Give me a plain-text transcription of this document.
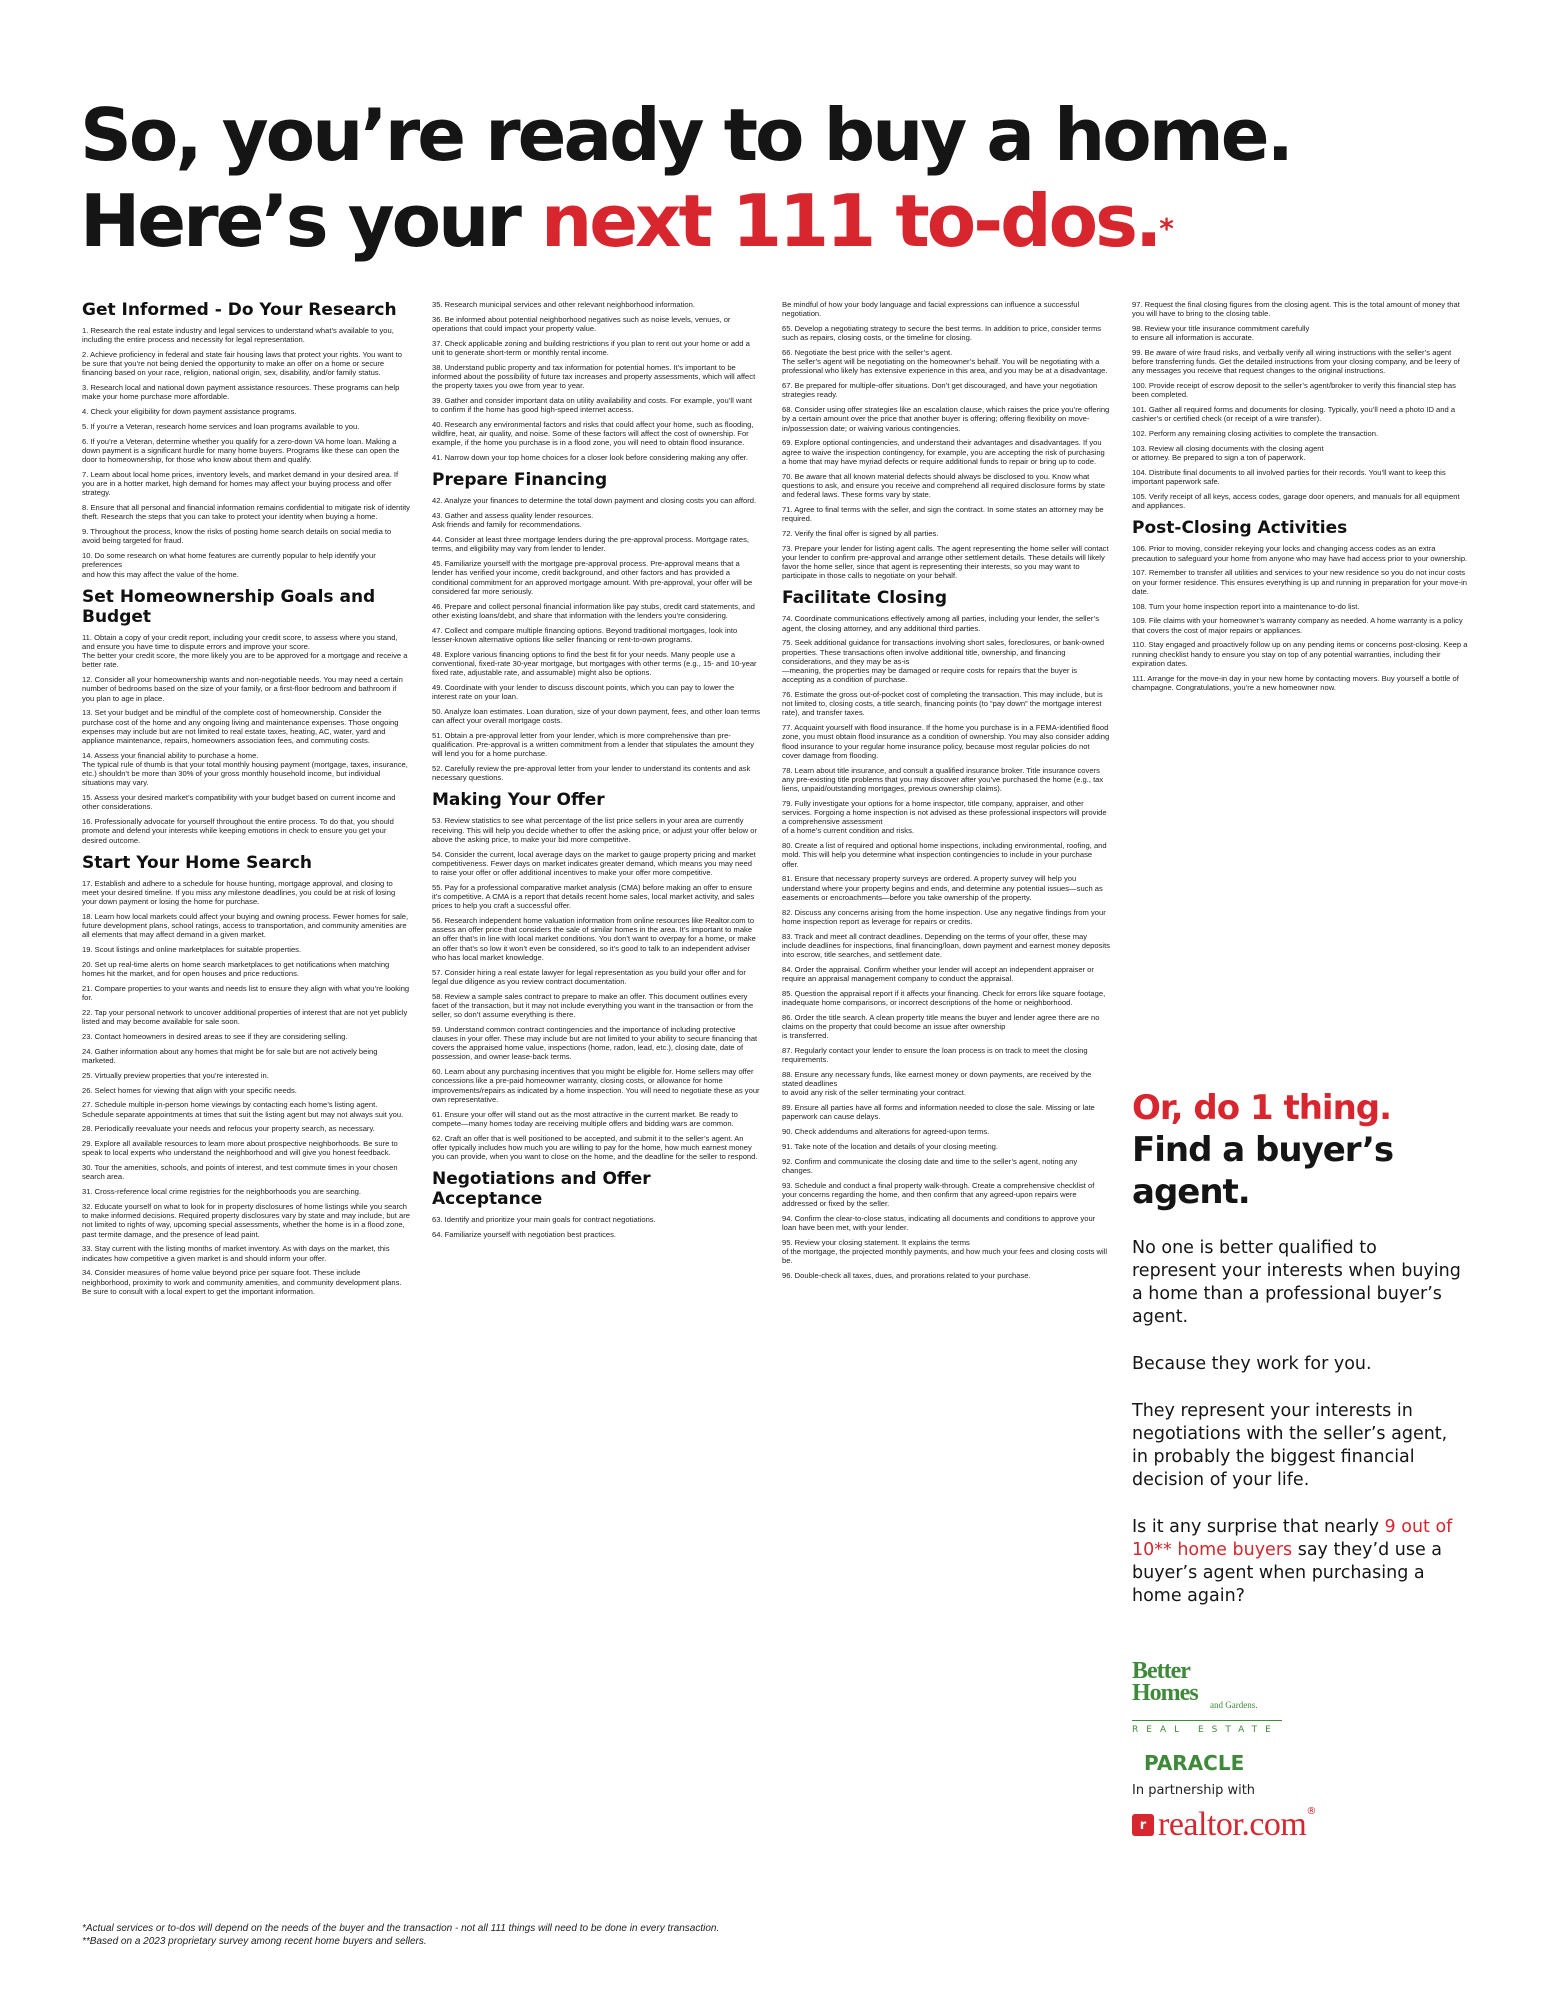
So, you’re ready to buy a home.
Here’s your next 111 to-dos.*
Get Informed - Do Your Research
1. Research the real estate industry and legal services to understand what’s available to you, including the entire process and necessity for legal representation.
2. Achieve proficiency in federal and state fair housing laws that protect your rights. You want to be sure that you’re not being denied the opportunity to make an offer on a home or secure financing based on your race, religion, national origin, sex, disability, and/or family status.
3. Research local and national down payment assistance resources. These programs can help make your home purchase more affordable.
4. Check your eligibility for down payment assistance programs.
5. If you’re a Veteran, research home services and loan programs available to you.
6. If you’re a Veteran, determine whether you qualify for a zero-down VA home loan. Making a down payment is a significant hurdle for many home buyers. Programs like these can open the door to homeownership, for those who know about them and qualify.
7. Learn about local home prices, inventory levels, and market demand in your desired area. If you are in a hotter market, high demand for homes may affect your buying process and offer strategy.
8. Ensure that all personal and financial information remains confidential to mitigate risk of identity theft. Research the steps that you can take to protect your identity when buying a home.
9. Throughout the process, know the risks of posting home search details on social media to avoid being targeted for fraud.
10. Do some research on what home features are currently popular to help identify your preferences
and how this may affect the value of the home.
Set Homeownership Goals and Budget
11. Obtain a copy of your credit report, including your credit score, to assess where you stand, and ensure you have time to dispute errors and improve your score.
The better your credit score, the more likely you are to be approved for a mortgage and receive a better rate.
12. Consider all your homeownership wants and non-negotiable needs. You may need a certain number of bedrooms based on the size of your family, or a first-floor bedroom and bathroom if you plan to age in place.
13. Set your budget and be mindful of the complete cost of homeownership. Consider the purchase cost of the home and any ongoing living and maintenance expenses. Those ongoing expenses may include but are not limited to real estate taxes, heating, AC, water, yard and appliance maintenance, repairs, homeowners association fees, and commuting costs.
14. Assess your financial ability to purchase a home.
The typical rule of thumb is that your total monthly housing payment (mortgage, taxes, insurance, etc.) shouldn’t be more than 30% of your gross monthly household income, but individual situations may vary.
15. Assess your desired market’s compatibility with your budget based on current income and other considerations.
16. Professionally advocate for yourself throughout the entire process. To do that, you should promote and defend your interests while keeping emotions in check to ensure you get your desired outcome.
Start Your Home Search
17. Establish and adhere to a schedule for house hunting, mortgage approval, and closing to meet your desired timeline. If you miss any milestone deadlines, you could be at risk of losing your down payment or losing the home for purchase.
18. Learn how local markets could affect your buying and owning process. Fewer homes for sale, future development plans, school ratings, access to transportation, and community amenities are all elements that may affect demand in a given market.
19. Scout listings and online marketplaces for suitable properties.
20. Set up real-time alerts on home search marketplaces to get notifications when matching homes hit the market, and for open houses and price reductions.
21. Compare properties to your wants and needs list to ensure they align with what you’re looking for.
22. Tap your personal network to uncover additional properties of interest that are not yet publicly listed and may become available for sale soon.
23. Contact homeowners in desired areas to see if they are considering selling.
24. Gather information about any homes that might be for sale but are not actively being marketed.
25. Virtually preview properties that you’re interested in.
26. Select homes for viewing that align with your specific needs.
27. Schedule multiple in-person home viewings by contacting each home’s listing agent. Schedule separate appointments at times that suit the listing agent but may not always suit you.
28. Periodically reevaluate your needs and refocus your property search, as necessary.
29. Explore all available resources to learn more about prospective neighborhoods. Be sure to speak to local experts who understand the neighborhood and will give you honest feedback.
30. Tour the amenities, schools, and points of interest, and test commute times in your chosen search area.
31. Cross-reference local crime registries for the neighborhoods you are searching.
32. Educate yourself on what to look for in property disclosures of home listings while you search to make informed decisions. Required property disclosures vary by state and may include, but are not limited to rights of way, upcoming special assessments, whether the home is in a flood zone, past termite damage, and the presence of lead paint.
33. Stay current with the listing months of market inventory. As with days on the market, this indicates how competitive a given market is and should inform your offer.
34. Consider measures of home value beyond price per square foot. These include neighborhood, proximity to work and community amenities, and community development plans. Be sure to consult with a local expert to get the important information.
35. Research municipal services and other relevant neighborhood information.
36. Be informed about potential neighborhood negatives such as noise levels, venues, or operations that could impact your property value.
37. Check applicable zoning and building restrictions if you plan to rent out your home or add a unit to generate short-term or monthly rental income.
38. Understand public property and tax information for potential homes. It’s important to be informed about the possibility of future tax increases and property assessments, which will affect the property taxes you owe from year to year.
39. Gather and consider important data on utility availability and costs. For example, you’ll want to confirm if the home has good high-speed internet access.
40. Research any environmental factors and risks that could affect your home, such as flooding, wildfire, heat, air quality, and noise. Some of these factors will affect the cost of ownership. For example, if the home you purchase is in a flood zone, you will need to obtain flood insurance.
41. Narrow down your top home choices for a closer look before considering making any offer.
Prepare Financing
42. Analyze your finances to determine the total down payment and closing costs you can afford.
43. Gather and assess quality lender resources.
Ask friends and family for recommendations.
44. Consider at least three mortgage lenders during the pre-approval process. Mortgage rates, terms, and eligibility may vary from lender to lender.
45. Familiarize yourself with the mortgage pre-approval process. Pre-approval means that a lender has verified your income, credit background, and other factors and has provided a conditional commitment for an approved mortgage amount. With pre-approval, your offer will be considered far more seriously.
46. Prepare and collect personal financial information like pay stubs, credit card statements, and other existing loans/debt, and share that information with the lenders you’re considering.
47. Collect and compare multiple financing options. Beyond traditional mortgages, look into lesser-known alternative options like seller financing or rent-to-own programs.
48. Explore various financing options to find the best fit for your needs. Many people use a conventional, fixed-rate 30-year mortgage, but mortgages with other terms (e.g., 15- and 10-year fixed rate, adjustable rate, and assumable) might also be options.
49. Coordinate with your lender to discuss discount points, which you can pay to lower the interest rate on your loan.
50. Analyze loan estimates. Loan duration, size of your down payment, fees, and other loan terms can affect your overall mortgage costs.
51. Obtain a pre-approval letter from your lender, which is more comprehensive than pre-qualification. Pre-approval is a written commitment from a lender that stipulates the amount they will lend you for a home purchase.
52. Carefully review the pre-approval letter from your lender to understand its contents and ask necessary questions.
Making Your Offer
53. Review statistics to see what percentage of the list price sellers in your area are currently receiving. This will help you decide whether to offer the asking price, or adjust your offer below or above the asking price, to make your bid more competitive.
54. Consider the current, local average days on the market to gauge property pricing and market competitiveness. Fewer days on market indicates greater demand, which means you may need to raise your offer or offer additional incentives to make your offer more competitive.
55. Pay for a professional comparative market analysis (CMA) before making an offer to ensure it’s competitive. A CMA is a report that details recent home sales, local market activity, and sales prices to help you craft a successful offer.
56. Research independent home valuation information from online resources like Realtor.com to assess an offer price that considers the sale of similar homes in the area. It’s important to make an offer that’s in line with local market conditions. You don’t want to overpay for a home, or make an offer that’s so low it won’t even be considered, so it’s good to talk to an independent adviser who has local market knowledge.
57. Consider hiring a real estate lawyer for legal representation as you build your offer and for legal due diligence as you review contract documentation.
58. Review a sample sales contract to prepare to make an offer. This document outlines every facet of the transaction, but it may not include everything you want in the transaction or from the seller, so don’t assume everything is there.
59. Understand common contract contingencies and the importance of including protective clauses in your offer. These may include but are not limited to your ability to secure financing that covers the appraised home value, inspections (home, radon, lead, etc.), closing date, date of possession, and owner lease-back terms.
60. Learn about any purchasing incentives that you might be eligible for. Home sellers may offer concessions like a pre-paid homeowner warranty, closing costs, or allowance for home improvements/repairs as indicated by a home inspection. You will need to negotiate these as your own representative.
61. Ensure your offer will stand out as the most attractive in the current market. Be ready to compete—many homes today are receiving multiple offers and bidding wars are common.
62. Craft an offer that is well positioned to be accepted, and submit it to the seller’s agent. An offer typically includes how much you are willing to pay for the home, how much earnest money you can provide, when you want to close on the home, and the deadline for the seller to respond.
Negotiations and Offer Acceptance
63. Identify and prioritize your main goals for contract negotiations.
64. Familiarize yourself with negotiation best practices.
Be mindful of how your body language and facial expressions can influence a successful negotiation.
65. Develop a negotiating strategy to secure the best terms. In addition to price, consider terms such as repairs, closing costs, or the timeline for closing.
66. Negotiate the best price with the seller’s agent.
The seller’s agent will be negotiating on the homeowner’s behalf. You will be negotiating with a professional who likely has extensive experience in this area, and you may be at a disadvantage.
67. Be prepared for multiple-offer situations. Don’t get discouraged, and have your negotiation strategies ready.
68. Consider using offer strategies like an escalation clause, which raises the price you’re offering by a certain amount over the price that another buyer is offering; offering flexibility on move-in/possession date; or waiving various contingencies.
69. Explore optional contingencies, and understand their advantages and disadvantages. If you agree to waive the inspection contingency, for example, you are accepting the risk of purchasing a home that may have myriad defects or require additional funds to repair or bring up to code.
70. Be aware that all known material defects should always be disclosed to you. Know what questions to ask, and ensure you receive and comprehend all required disclosure forms by state and federal laws. These forms vary by state.
71. Agree to final terms with the seller, and sign the contract. In some states an attorney may be required.
72. Verify the final offer is signed by all parties.
73. Prepare your lender for listing agent calls. The agent representing the home seller will contact your lender to confirm pre-approval and arrange other settlement details. These details will likely favor the home seller, since that agent is representing their interests, so you may want to participate in those calls to negotiate on your behalf.
Facilitate Closing
74. Coordinate communications effectively among all parties, including your lender, the seller’s agent, the closing attorney, and any additional third parties.
75. Seek additional guidance for transactions involving short sales, foreclosures, or bank-owned properties. These transactions often involve additional title, ownership, and financing considerations, and they may be as-is
—meaning, the properties may be damaged or require costs for repairs that the buyer is accepting as a condition of purchase.
76. Estimate the gross out-of-pocket cost of completing the transaction. This may include, but is not limited to, closing costs, a title search, financing points (to “pay down” the mortgage interest rate), and transfer taxes.
77. Acquaint yourself with flood insurance. If the home you purchase is in a FEMA-identified flood zone, you must obtain flood insurance as a condition of ownership. You may also consider adding flood insurance to your regular home insurance policy, because most regular policies do not cover damage from flooding.
78. Learn about title insurance, and consult a qualified insurance broker. Title insurance covers any pre-existing title problems that you may discover after you’ve purchased the home (e.g., tax liens, unpaid/outstanding mortgages, previous ownership claims).
79. Fully investigate your options for a home inspector, title company, appraiser, and other services. Forgoing a home inspection is not advised as these professional inspectors will provide a comprehensive assessment
of a home’s current condition and risks.
80. Create a list of required and optional home inspections, including environmental, roofing, and mold. This will help you determine what inspection contingencies to include in your purchase offer.
81. Ensure that necessary property surveys are ordered. A property survey will help you understand where your property begins and ends, and determine any potential issues—such as easements or encroachments—before you take ownership of the property.
82. Discuss any concerns arising from the home inspection. Use any negative findings from your home inspection report as leverage for repairs or credits.
83. Track and meet all contract deadlines. Depending on the terms of your offer, these may include deadlines for inspections, final financing/loan, down payment and earnest money deposits into escrow, title searches, and settlement date.
84. Order the appraisal. Confirm whether your lender will accept an independent appraiser or require an appraisal management company to conduct the appraisal.
85. Question the appraisal report if it affects your financing. Check for errors like square footage, inadequate home comparisons, or incorrect descriptions of the home or neighborhood.
86. Order the title search. A clean property title means the buyer and lender agree there are no claims on the property that could become an issue after ownership
is transferred.
87. Regularly contact your lender to ensure the loan process is on track to meet the closing requirements.
88. Ensure any necessary funds, like earnest money or down payments, are received by the stated deadlines
to avoid any risk of the seller terminating your contract.
89. Ensure all parties have all forms and information needed to close the sale. Missing or late paperwork can cause delays.
90. Check addendums and alterations for agreed-upon terms.
91. Take note of the location and details of your closing meeting.
92. Confirm and communicate the closing date and time to the seller’s agent, noting any changes.
93. Schedule and conduct a final property walk-through. Create a comprehensive checklist of your concerns regarding the home, and then confirm that any agreed-upon repairs were addressed or fixed by the seller.
94. Confirm the clear-to-close status, indicating all documents and conditions to approve your loan have been met, with your lender.
95. Review your closing statement. It explains the terms
of the mortgage, the projected monthly payments, and how much your fees and closing costs will be.
96. Double-check all taxes, dues, and prorations related to your purchase.
97. Request the final closing figures from the closing agent. This is the total amount of money that you will have to bring to the closing table.
98. Review your title insurance commitment carefully
to ensure all information is accurate.
99. Be aware of wire fraud risks, and verbally verify all wiring instructions with the seller’s agent before transferring funds. Get the detailed instructions from your closing company, and be leery of any messages you receive that request changes to the original instructions.
100. Provide receipt of escrow deposit to the seller’s agent/broker to verify this financial step has been completed.
101. Gather all required forms and documents for closing. Typically, you’ll need a photo ID and a cashier’s or certified check (or receipt of a wire transfer).
102. Perform any remaining closing activities to complete the transaction.
103. Review all closing documents with the closing agent
or attorney. Be prepared to sign a ton of paperwork.
104. Distribute final documents to all involved parties for their records. You’ll want to keep this important paperwork safe.
105. Verify receipt of all keys, access codes, garage door openers, and manuals for all equipment and appliances.
Post-Closing Activities
106. Prior to moving, consider rekeying your locks and changing access codes as an extra precaution to safeguard your home from anyone who may have had access prior to your ownership.
107. Remember to transfer all utilities and services to your new residence so you do not incur costs on your former residence. This ensures everything is up and running in preparation for your move-in date.
108. Turn your home inspection report into a maintenance to-do list.
109. File claims with your homeowner’s warranty company as needed. A home warranty is a policy that covers the cost of major repairs or appliances.
110. Stay engaged and proactively follow up on any pending items or concerns post-closing. Keep a running checklist handy to ensure you stay on top of any potential warranties, including their expiration dates.
111. Arrange for the move-in day in your new home by contacting movers. Buy yourself a bottle of champagne. Congratulations, you’re a new homeowner now.
Or, do 1 thing.
Find a buyer’s
agent.

No one is better qualified to represent your interests when buying a home than a professional buyer’s agent.

Because they work for you.

They represent your interests in negotiations with the seller’s agent, in probably the biggest financial decision of your life.

Is it any surprise that nearly 9 out of 10** home buyers say they’d use a buyer’s agent when purchasing a home again?

Better
Homes	and Gardens.
REAL ESTATE
PARACLE
In partnership with
r realtor.com ®
*Actual services or to-dos will depend on the needs of the buyer and the transaction - not all 111 things will need to be done in every transaction.
**Based on a 2023 proprietary survey among recent home buyers and sellers.
